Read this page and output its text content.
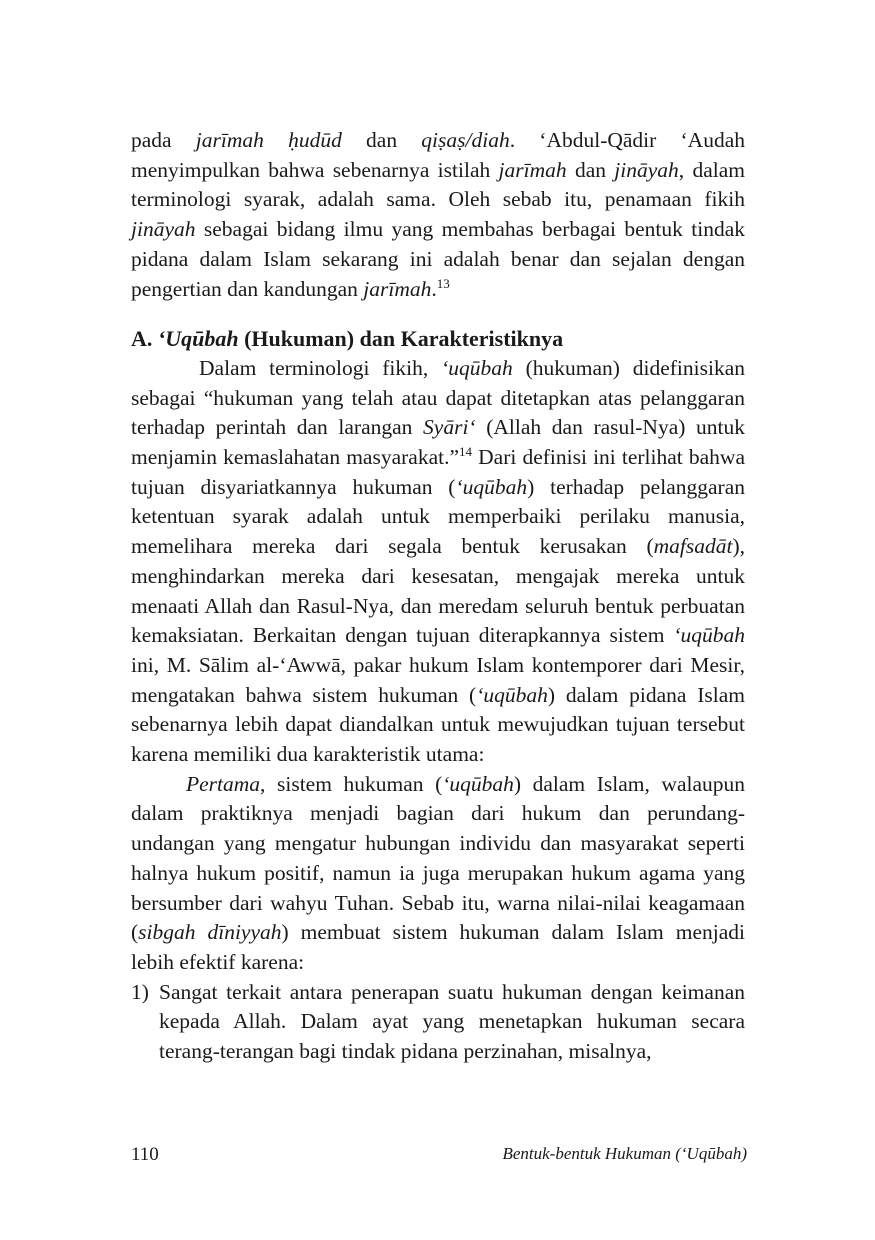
pada jarīmah ḥudūd dan qiṣaṣ/diah. ‘Abdul-Qādir ‘Audah menyimpulkan bahwa sebenarnya istilah jarīmah dan jināyah, dalam terminologi syarak, adalah sama. Oleh sebab itu, penamaan fikih jināyah sebagai bidang ilmu yang membahas berbagai bentuk tindak pidana dalam Islam sekarang ini adalah benar dan sejalan dengan pengertian dan kandungan jarīmah.$^{13}$

A. ‘Uqūbah (Hukuman) dan Karakteristiknya

Dalam terminologi fikih, ‘uqūbah (hukuman) didefinisikan sebagai “hukuman yang telah atau dapat ditetapkan atas pelanggaran terhadap perintah dan larangan Syāri‘ (Allah dan rasul-Nya) untuk menjamin kemaslahatan masyarakat.”$^{14}$ Dari definisi ini terlihat bahwa tujuan disyariatkannya hukuman (‘uqūbah) terhadap pelanggaran ketentuan syarak adalah untuk memperbaiki perilaku manusia, memelihara mereka dari segala bentuk kerusakan (mafsadāt), menghindarkan mereka dari kesesatan, mengajak mereka untuk menaati Allah dan Rasul-Nya, dan meredam seluruh bentuk perbuatan kemaksiatan. Berkaitan dengan tujuan diterapkannya sistem ‘uqūbah ini, M. Sālim al-‘Awwā, pakar hukum Islam kontemporer dari Mesir, mengatakan bahwa sistem hukuman (‘uqūbah) dalam pidana Islam sebenarnya lebih dapat diandalkan untuk mewujudkan tujuan tersebut karena memiliki dua karakteristik utama:

Pertama, sistem hukuman (‘uqūbah) dalam Islam, walaupun dalam praktiknya menjadi bagian dari hukum dan perundang-undangan yang mengatur hubungan individu dan masyarakat seperti halnya hukum positif, namun ia juga merupakan hukum agama yang bersumber dari wahyu Tuhan. Sebab itu, warna nilai-nilai keagamaan (sibgah dīniyyah) membuat sistem hukuman dalam Islam menjadi lebih efektif karena:

1) Sangat terkait antara penerapan suatu hukuman dengan keimanan kepada Allah. Dalam ayat yang menetapkan hukuman secara terang-terangan bagi tindak pidana perzinahan, misalnya,
110	Bentuk-bentuk Hukuman (‘Uqūbah)
